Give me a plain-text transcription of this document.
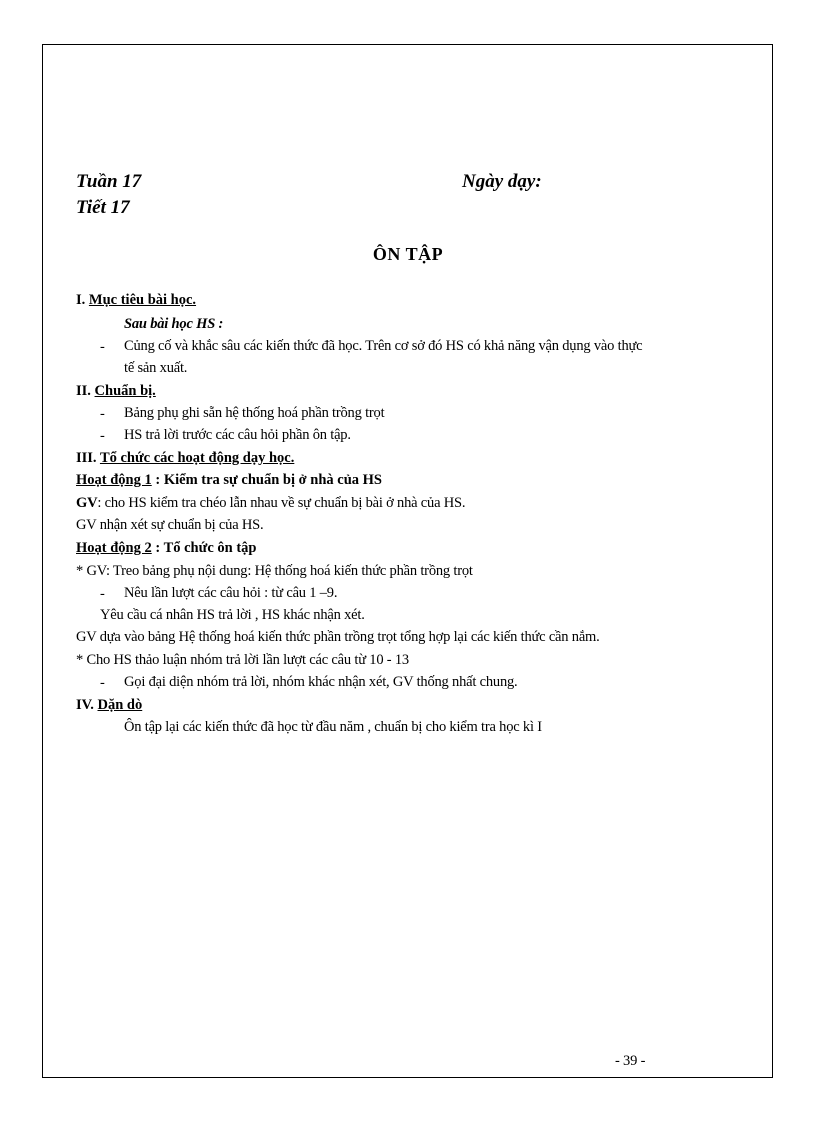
Tuần 17	Ngày dạy:
Tiết 17
ÔN TẬP
I. Mục tiêu bài học.
Sau bài học HS :
- Củng cố và khắc sâu các kiến thức đã học. Trên cơ sở đó HS có khả năng vận dụng vào thực
tế sản xuất.
II. Chuẩn bị.
- Bảng phụ ghi sẵn hệ thống hoá phần trồng trọt
- HS trả lời trước các câu hỏi phần ôn tập.
III. Tổ chức các hoạt động dạy học.
Hoạt động 1 : Kiểm tra sự chuẩn bị ở nhà của HS
GV: cho HS kiểm tra chéo lẫn nhau về sự chuẩn bị bài ở nhà của HS.
GV nhận xét sự chuẩn bị của HS.
Hoạt động 2 : Tổ chức ôn tập
* GV: Treo bảng phụ nội dung: Hệ thống hoá kiến thức phần trồng trọt
- Nêu lần lượt các câu hỏi : từ câu 1 –9.
Yêu cầu cá nhân HS trả lời , HS khác nhận xét.
GV dựa vào bảng Hệ thống hoá kiến thức phần trồng trọt tổng hợp lại các kiến thức cần nắm.
* Cho HS thảo luận nhóm trả lời lần lượt các câu từ 10 - 13
- Gọi đại diện nhóm trả lời, nhóm khác nhận xét, GV thống nhất chung.
IV. Dặn dò
Ôn tập lại các kiến thức đã học từ đầu năm , chuẩn bị cho kiểm tra học kì I
- 39 -
